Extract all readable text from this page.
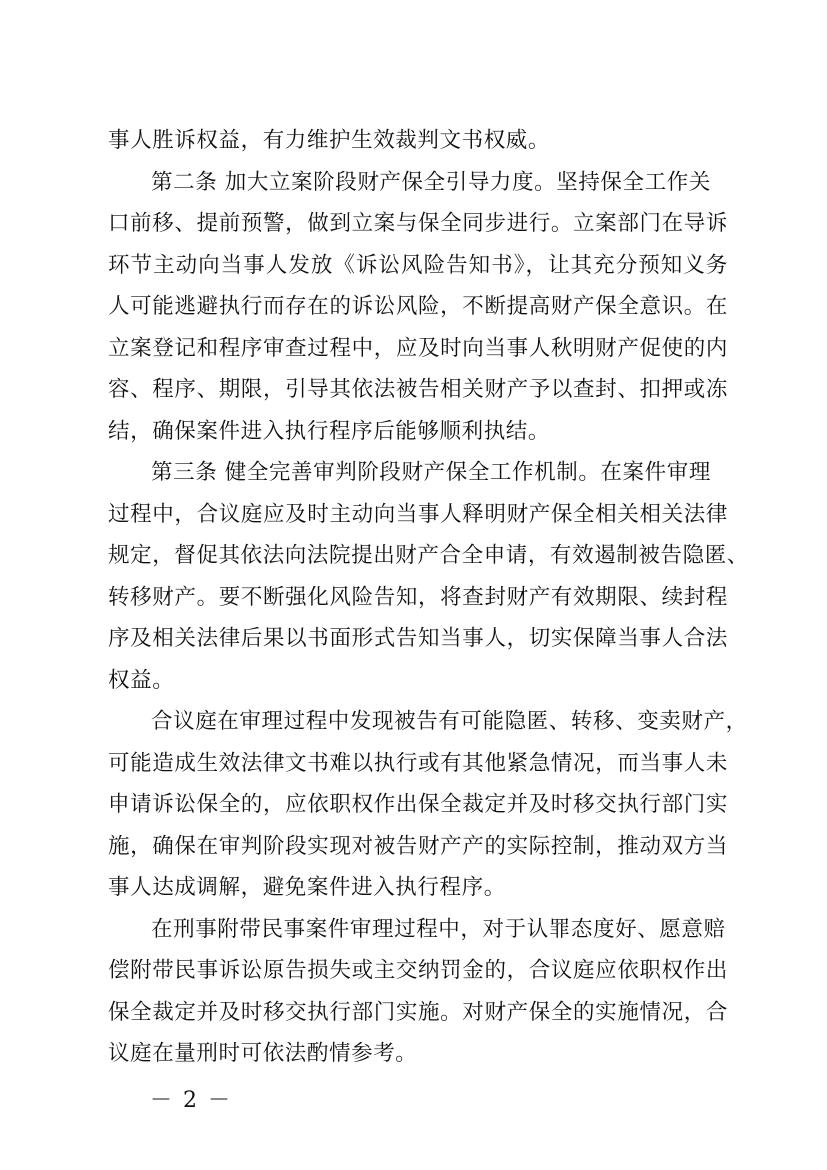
事人胜诉权益，有力维护生效裁判文书权威。
第二条 加大立案阶段财产保全引导力度。坚持保全工作关
口前移、提前预警，做到立案与保全同步进行。立案部门在导诉
环节主动向当事人发放《诉讼风险告知书》，让其充分预知义务
人可能逃避执行而存在的诉讼风险，不断提高财产保全意识。在
立案登记和程序审查过程中，应及时向当事人秋明财产促使的内
容、程序、期限，引导其依法被告相关财产予以查封、扣押或冻
结，确保案件进入执行程序后能够顺利执结。
第三条 健全完善审判阶段财产保全工作机制。在案件审理
过程中，合议庭应及时主动向当事人释明财产保全相关相关法律
规定，督促其依法向法院提出财产合全申请，有效遏制被告隐匿、
转移财产。要不断强化风险告知，将查封财产有效期限、续封程
序及相关法律后果以书面形式告知当事人，切实保障当事人合法
权益。
合议庭在审理过程中发现被告有可能隐匿、转移、变卖财产，
可能造成生效法律文书难以执行或有其他紧急情况，而当事人未
申请诉讼保全的，应依职权作出保全裁定并及时移交执行部门实
施，确保在审判阶段实现对被告财产产的实际控制，推动双方当
事人达成调解，避免案件进入执行程序。
在刑事附带民事案件审理过程中，对于认罪态度好、愿意赔
偿附带民事诉讼原告损失或主交纳罚金的，合议庭应依职权作出
保全裁定并及时移交执行部门实施。对财产保全的实施情况，合
议庭在量刑时可依法酌情参考。
－ 2 －
